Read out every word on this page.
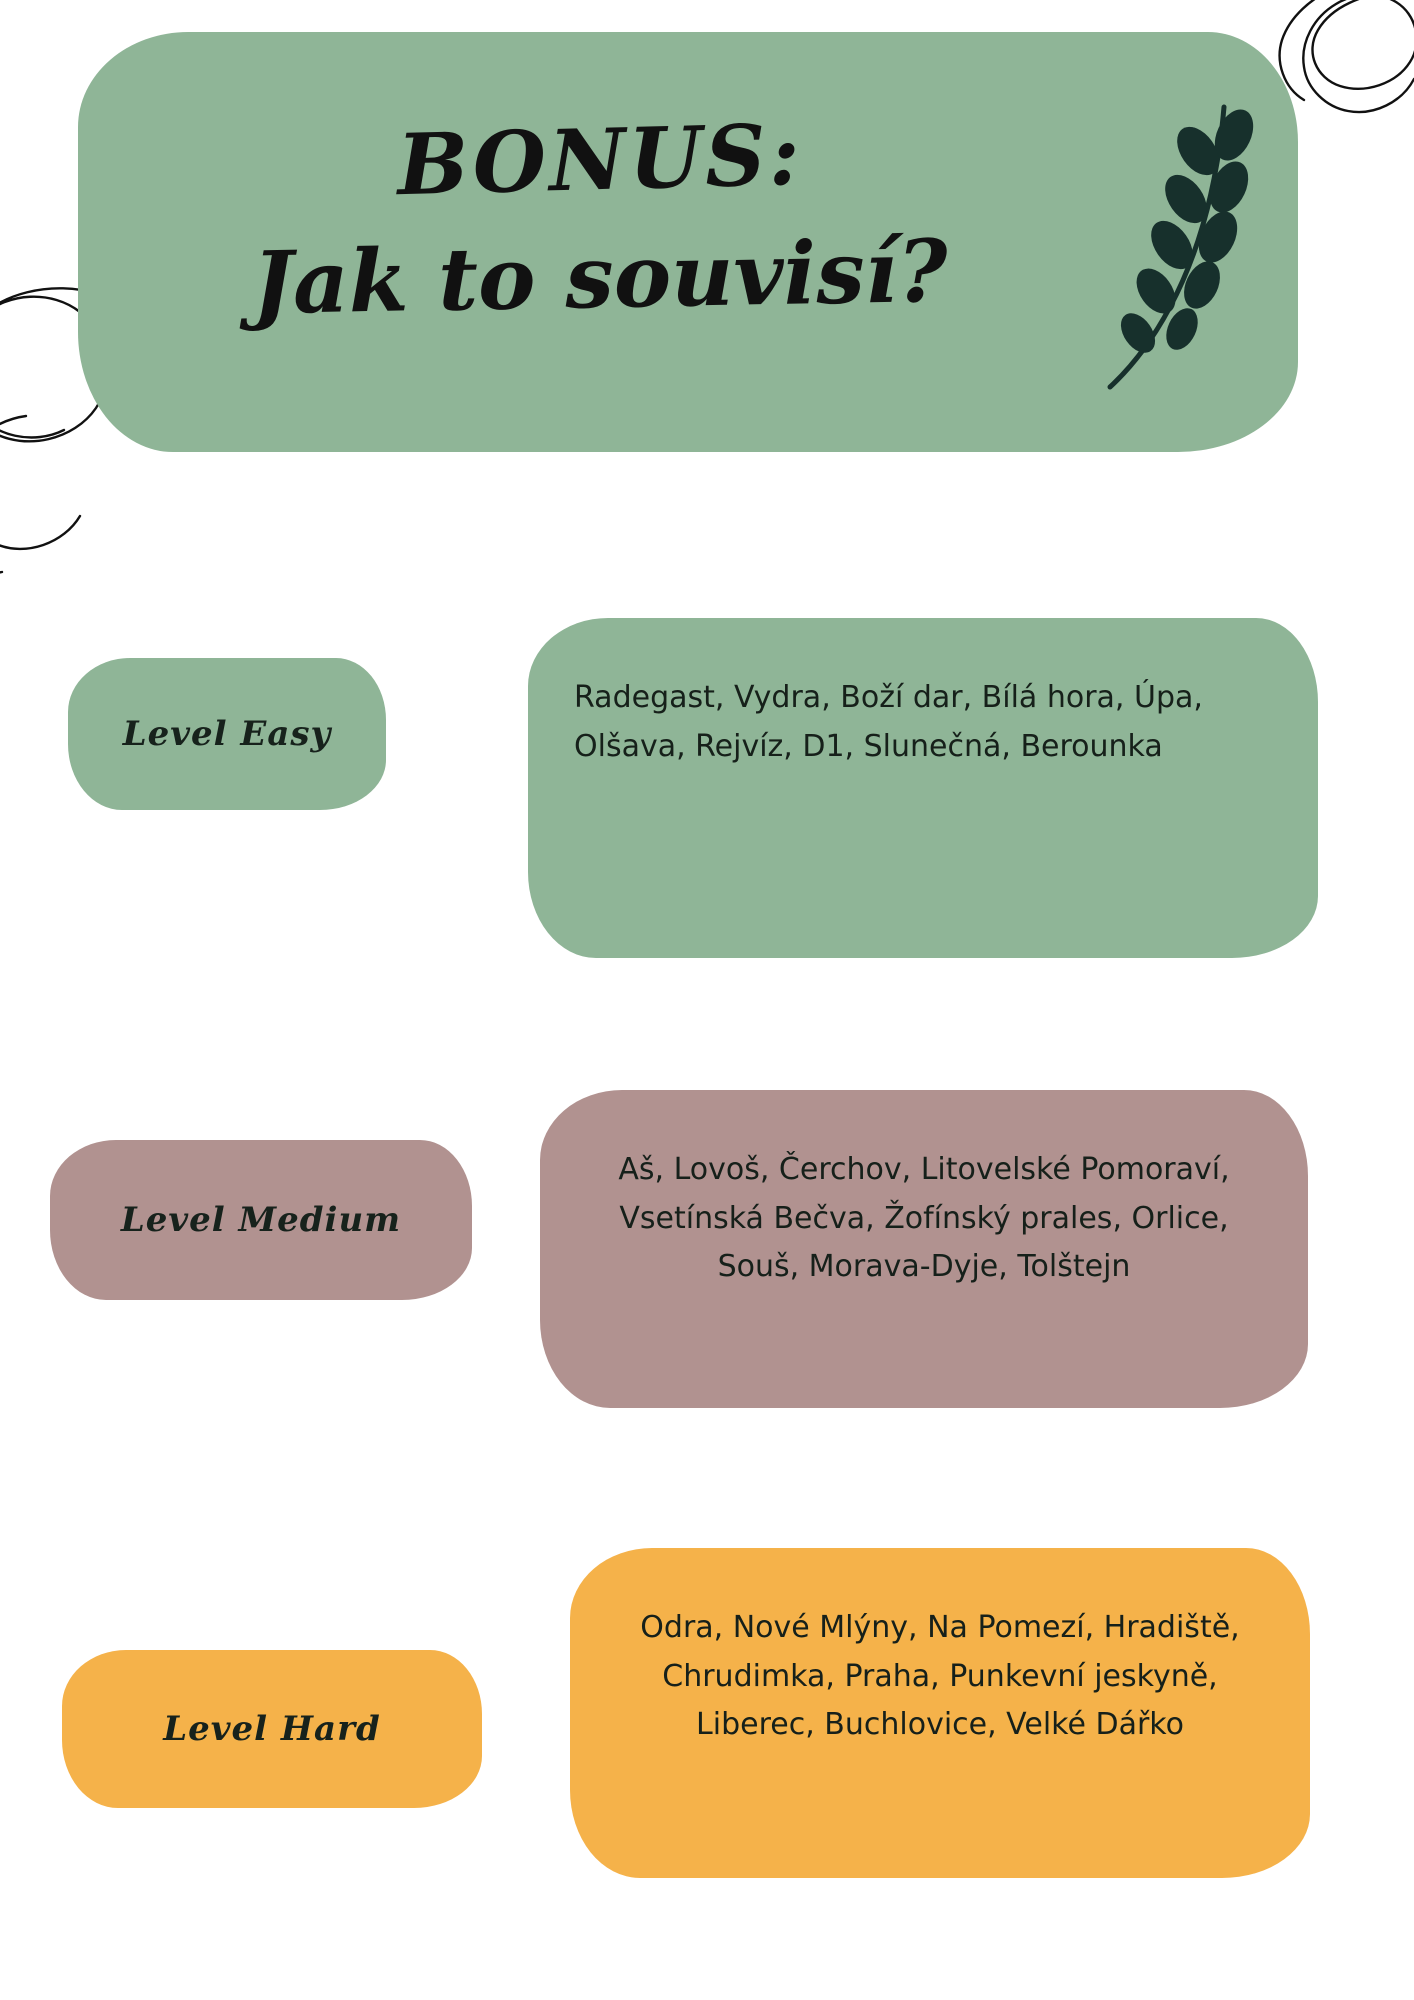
BONUS:
Jak to souvisí?
Level Easy
Radegast, Vydra, Boží dar, Bílá hora, Úpa, Olšava, Rejvíz, D1, Slunečná, Berounka
Level Medium
Aš, Lovoš, Čerchov, Litovelské Pomoraví, Vsetínská Bečva, Žofínský prales, Orlice, Souš, Morava-Dyje, Tolštejn
Level Hard
Odra, Nové Mlýny, Na Pomezí, Hradiště, Chrudimka, Praha, Punkevní jeskyně, Liberec, Buchlovice, Velké Dářko
